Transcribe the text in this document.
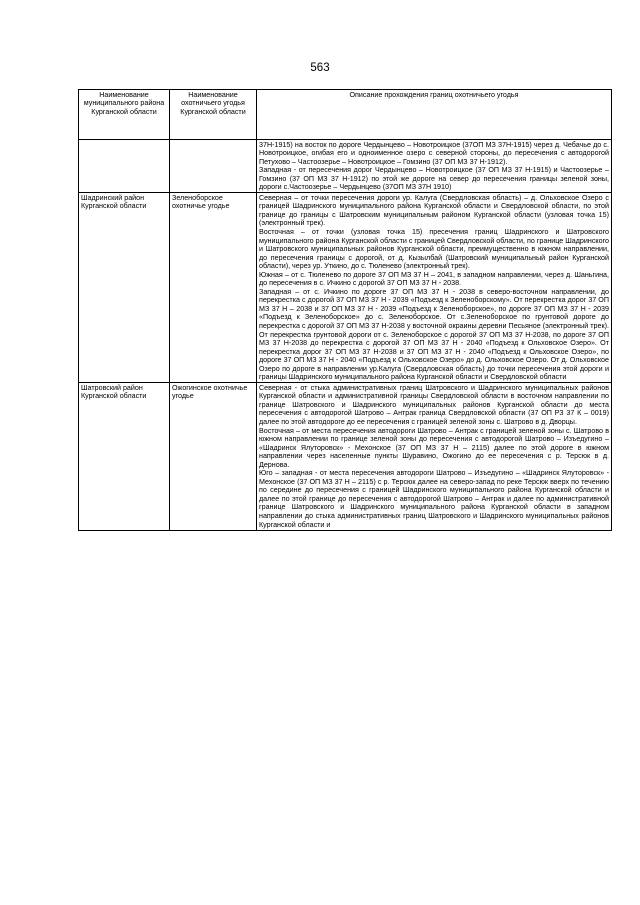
563
Наименование муниципального района Курганской области	Наименование охотничьего угодья Курганской области	Описание прохождения границ охотничьего угодья

		37Н-1915) на восток по дороге Чердынцево – Новотроицкое (37ОП МЗ 37Н-1915) через д. Чебачье до с. Новотроицкое, огибая его и одноименное озеро с северной стороны, до пересечения с автодорогой Петухово – Частоозерье – Новотроицкое – Гомзино (37 ОП МЗ 37 Н-1912).
Западная - от пересечения дорог Чердынцево – Новотроицкое (37 ОП МЗ 37 Н-1915) и Частоозерье – Гомзино (37 ОП МЗ 37 Н-1912) по этой же дороге на север до пересечения границы зеленой зоны, дороги с.Частоозерье – Чердынцево (37ОП МЗ 37Н 1910)

Шадринский район Курганской области	Зеленоборское охотничье угодье	Северная – от точки пересечения дороги ур. Калуга (Свердловская область) – д. Ольховское Озеро с границей Шадринского муниципального района Курганской области и Свердловской области, по этой границе до границы с Шатровским муниципальным районом Курганской области (узловая точка 15) (электронный трек).
Восточная – от точки (узловая точка 15) пресечения границ Шадринского и Шатровского муниципального района Курганской области с границей Свердловской области, по границе Шадринского и Шатровского муниципальных районов Курганской области, преимущественно в южном направлении, до пересечения границы с дорогой, от д. Кызылбай (Шатровский муниципальный район Курганской области), через ур. Уткино, до с. Тюленево (электронный трек).
Южная – от с. Тюленево по дороге 37 ОП МЗ 37 Н – 2041, в западном направлении, через д. Шаньгина, до пересечения в с. Ичкино с дорогой 37 ОП МЗ 37 Н - 2038.
Западная – от с. Ичкино по дороге 37 ОП МЗ 37 Н - 2038 в северо-восточном направлении, до перекрестка с дорогой 37 ОП МЗ 37 Н - 2039 «Подъезд к Зеленоборскому». От перекрестка дорог 37 ОП МЗ 37 Н – 2038 и 37 ОП МЗ 37 Н - 2039 «Подъезд к Зеленоборское», по дороге 37 ОП МЗ 37 Н - 2039 «Подъезд к Зеленоборское» до с. Зеленоборское. От с.Зеленоборское по грунтовой дороге до перекрестка с дорогой 37 ОП МЗ 37 Н-2038 у восточной окраины деревни Песьяное (электронный трек). От перекрестка грунтовой дороги от с. Зеленоборское с дорогой 37 ОП МЗ 37 Н-2038, по дороге 37 ОП МЗ 37 Н-2038 до перекрестка с дорогой 37 ОП МЗ 37 Н - 2040 «Подъезд к Ольховское Озеро». От перекрестка дорог 37 ОП МЗ 37 Н-2038 и 37 ОП МЗ 37 Н - 2040 «Подъезд к Ольховское Озеро», по дороге 37 ОП МЗ 37 Н - 2040 «Подъезд к Ольховское Озеро» до д. Ольховское Озеро. От д. Ольховское Озеро по дороге в направлении ур.Калуга (Свердловская область) до точки пересечения этой дороги и границы Шадринского муниципального района Курганской области и Свердловской области

Шатровский район Курганской области	Ожогинское охотничье угодье	Северная - от стыка административных границ Шатровского и Шадринского муниципальных районов Курганской области и административной границы Свердловской области в восточном направлении по границе Шатровского и Шадринского муниципальных районов Курганской области до места пересечения с автодорогой Шатрово – Антрак граница Свердловской области (37 ОП РЗ 37 К – 0019) далее по этой автодороге до ее пересечения с границей зеленой зоны с. Шатрово в д. Дворцы.
Восточная – от места пересечения автодороги Шатрово – Антрак с границей зеленой зоны с. Шатрово в южном направлении по границе зеленой зоны до пересечения с автодорогой Шатрово – Изъедугино – «Шадринск Ялуторовск» - Мехонское (37 ОП МЗ 37 Н – 2115) далее по этой дороге в южном направлении через населенные пункты Шуравино, Ожогино до ее пересечения с р. Терсюк в д. Дернова.
Юго – западная - от места пересечения автодороги Шатрово – Изъедугино – «Шадринск Ялуторовск» - Мехонское (37 ОП МЗ 37 Н – 2115) с р. Терсюк далее на северо-запад по реке Терсюк вверх по течению по середине до пересечения с границей Шадринского муниципального района Курганской области и далее по этой границе до пересечения с автодорогой Шатрово – Антрак и далее по административной границе Шатровского и Шадринского муниципального района Курганской области в западном направлении до стыка административных границ Шатровского и Шадринского муниципальных районов Курганской области и
